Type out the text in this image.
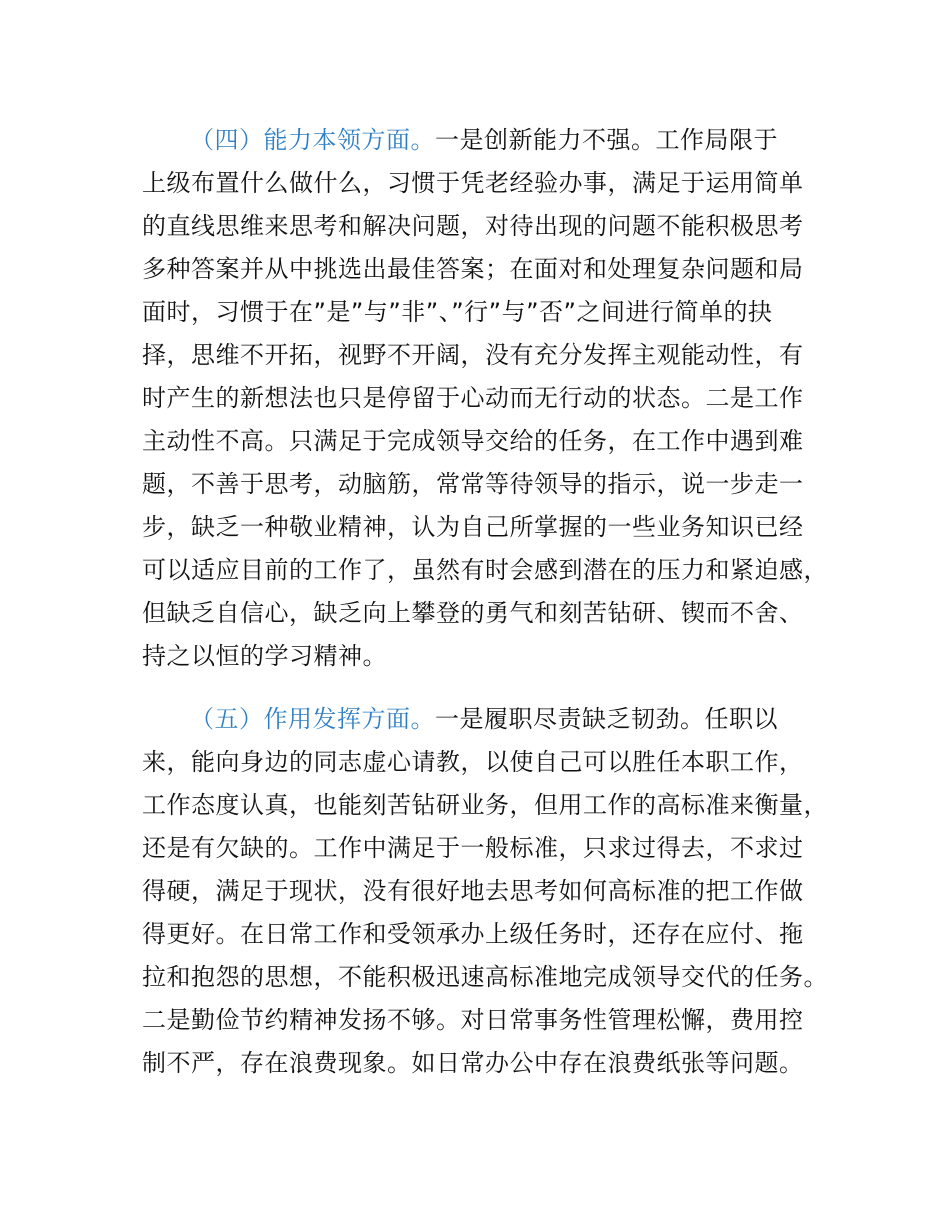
（四）能力本领方面。一是创新能力不强。工作局限于
上级布置什么做什么，习惯于凭老经验办事，满足于运用简单
的直线思维来思考和解决问题，对待出现的问题不能积极思考
多种答案并从中挑选出最佳答案；在面对和处理复杂问题和局
面时，习惯于在”是”与”非”、”行”与”否”之间进行简单的抉
择，思维不开拓，视野不开阔，没有充分发挥主观能动性，有
时产生的新想法也只是停留于心动而无行动的状态。二是工作
主动性不高。只满足于完成领导交给的任务，在工作中遇到难
题，不善于思考，动脑筋，常常等待领导的指示，说一步走一
步，缺乏一种敬业精神，认为自己所掌握的一些业务知识已经
可以适应目前的工作了，虽然有时会感到潜在的压力和紧迫感，
但缺乏自信心，缺乏向上攀登的勇气和刻苦钻研、锲而不舍、
持之以恒的学习精神。
（五）作用发挥方面。一是履职尽责缺乏韧劲。任职以
来，能向身边的同志虚心请教，以使自己可以胜任本职工作，
工作态度认真，也能刻苦钻研业务，但用工作的高标准来衡量，
还是有欠缺的。工作中满足于一般标准，只求过得去，不求过
得硬，满足于现状，没有很好地去思考如何高标准的把工作做
得更好。在日常工作和受领承办上级任务时，还存在应付、拖
拉和抱怨的思想，不能积极迅速高标准地完成领导交代的任务。
二是勤俭节约精神发扬不够。对日常事务性管理松懈，费用控
制不严，存在浪费现象。如日常办公中存在浪费纸张等问题。
